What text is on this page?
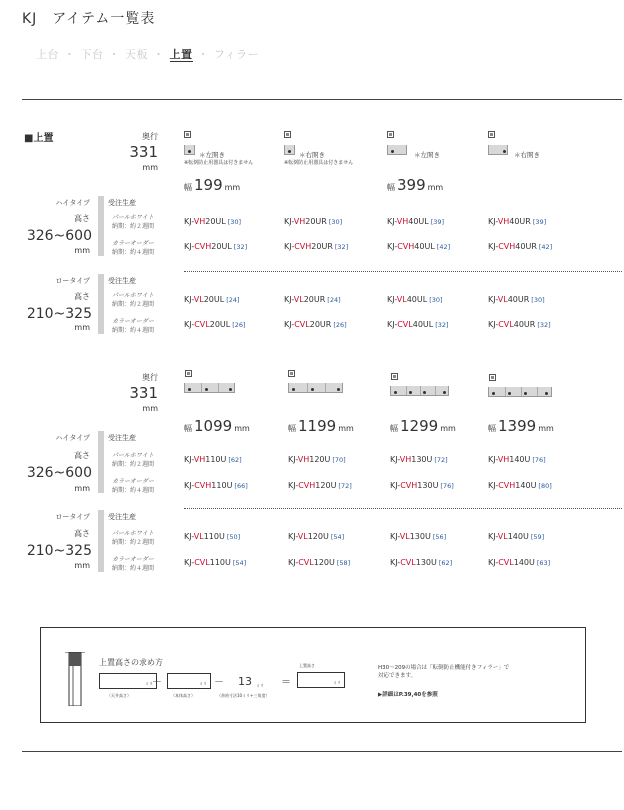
KJ　アイテム一覧表
上台 ・ 下台 ・ 天板 ・ 上置 ・ フィラー
■上置	奥行
331
mm
＊左開き
※転倒防止用器具は付きません
＊右開き
※転倒防止用器具は付きません
＊左開き	＊右開き
幅 199 mm	幅 399 mm
ハイタイプ
高さ
326~600
mm
受注生産
パールホワイト
納期：約２週間
カラーオーダー
納期：約４週間
KJ-VH20UL [30]	KJ-VH20UR [30]	KJ-VH40UL [39]	KJ-VH40UR [39]
KJ-CVH20UL [32]	KJ-CVH20UR [32]	KJ-CVH40UL [42]	KJ-CVH40UR [42]
ロータイプ
高さ
210~325
mm
受注生産
パールホワイト
納期：約２週間
カラーオーダー
納期：約４週間
KJ-VL20UL [24]	KJ-VL20UR [24]	KJ-VL40UL [30]	KJ-VL40UR [30]
KJ-CVL20UL [26]	KJ-CVL20UR [26]	KJ-CVL40UL [32]	KJ-CVL40UR [32]
奥行
331
mm
幅 1099 mm	幅 1199 mm	幅 1299 mm	幅 1399 mm
ハイタイプ
高さ
326~600
mm
受注生産
パールホワイト
納期：約２週間
カラーオーダー
納期：約４週間
KJ-VH110U [62]	KJ-VH120U [70]	KJ-VH130U [72]	KJ-VH140U [76]
KJ-CVH110U [66]	KJ-CVH120U [72]	KJ-CVH130U [76]	KJ-CVH140U [80]
ロータイプ
高さ
210~325
mm
受注生産
パールホワイト
納期：約２週間
カラーオーダー
納期：約４週間
KJ-VL110U [50]	KJ-VL120U [54]	KJ-VL130U [56]	KJ-VL140U [59]
KJ-CVL110U [54]	KJ-CVL120U [58]	KJ-CVL130U [62]	KJ-CVL140U [63]
上置高さの求め方
ミリ
（天井高さ）
－	ミリ
（本体高さ）
－ 13 ミリ
（余裕寸法10ミリ+三角度）
＝
上置高さ
ミリ
H30～209の場合は「転倒防止機能付きフィラー」で
対応できます。
▶詳細はP.39,40を参照
